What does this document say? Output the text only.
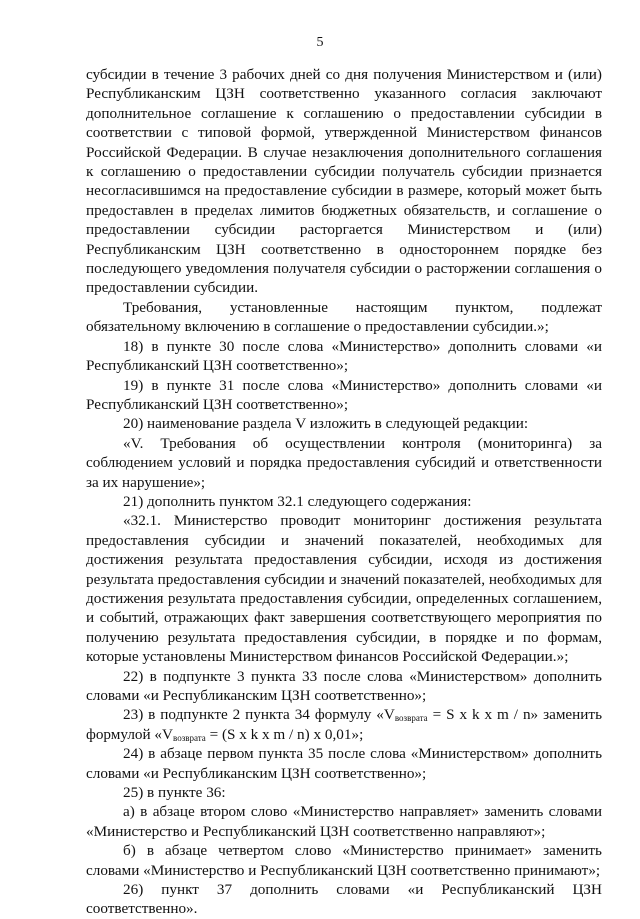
5

субсидии в течение 3 рабочих дней со дня получения Министерством и (или) Республиканским ЦЗН соответственно указанного согласия заключают дополнительное соглашение к соглашению о предоставлении субсидии в соответствии с типовой формой, утвержденной Министерством финансов Российской Федерации. В случае незаключения дополнительного соглашения к соглашению о предоставлении субсидии получатель субсидии признается несогласившимся на предоставление субсидии в размере, который может быть предоставлен в пределах лимитов бюджетных обязательств, и соглашение о предоставлении субсидии расторгается Министерством и (или) Республиканским ЦЗН соответственно в одностороннем порядке без последующего уведомления получателя субсидии о расторжении соглашения о предоставлении субсидии.

Требования, установленные настоящим пунктом, подлежат обязательному включению в соглашение о предоставлении субсидии.»;

18) в пункте 30 после слова «Министерство» дополнить словами «и Республиканский ЦЗН соответственно»;

19) в пункте 31 после слова «Министерство» дополнить словами «и Республиканский ЦЗН соответственно»;

20) наименование раздела V изложить в следующей редакции:

«V. Требования об осуществлении контроля (мониторинга) за соблюдением условий и порядка предоставления субсидий и ответственности за их нарушение»;

21) дополнить пунктом 32.1 следующего содержания:

«32.1. Министерство проводит мониторинг достижения результата предоставления субсидии и значений показателей, необходимых для достижения результата предоставления субсидии, исходя из достижения результата предоставления субсидии и значений показателей, необходимых для достижения результата предоставления субсидии, определенных соглашением, и событий, отражающих факт завершения соответствующего мероприятия по получению результата предоставления субсидии, в порядке и по формам, которые установлены Министерством финансов Российской Федерации.»;

22) в подпункте 3 пункта 33 после слова «Министерством» дополнить словами «и Республиканским ЦЗН соответственно»;

23) в подпункте 2 пункта 34 формулу «$V_{возврата} = S$ x k x m / n» заменить формулой «$V_{возврата} = (S$ x k x m / n) x 0,01»;

24) в абзаце первом пункта 35 после слова «Министерством» дополнить словами «и Республиканским ЦЗН соответственно»;

25) в пункте 36:

а) в абзаце втором слово «Министерство направляет» заменить словами «Министерство и Республиканский ЦЗН соответственно направляют»;

б) в абзаце четвертом слово «Министерство принимает» заменить словами «Министерство и Республиканский ЦЗН соответственно принимают»;

26) пункт 37 дополнить словами «и Республиканский ЦЗН соответственно».
